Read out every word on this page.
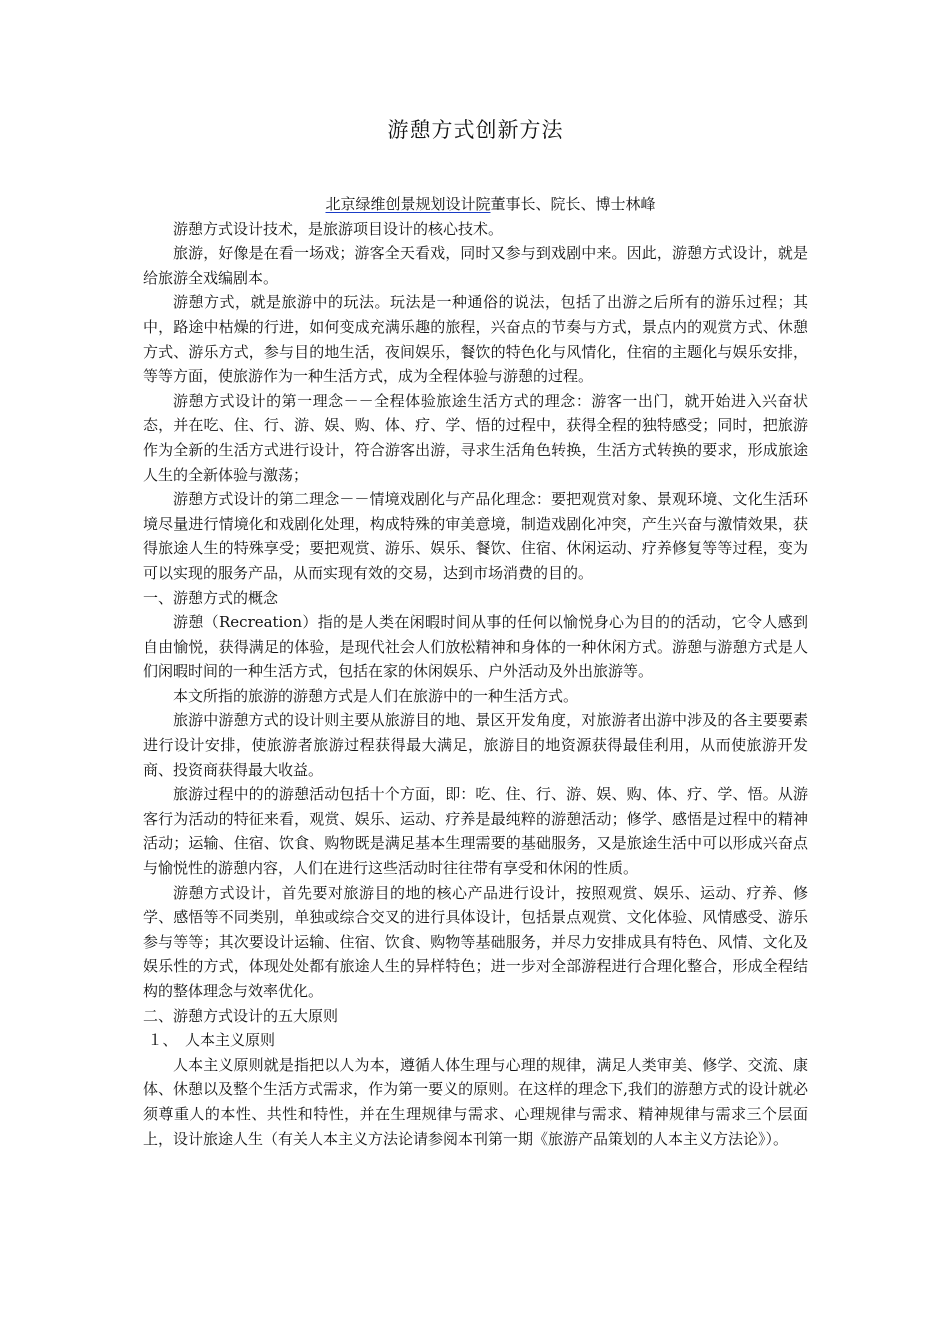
游憩方式创新方法
北京绿维创景规划设计院董事长、院长、博士林峰

游憩方式设计技术，是旅游项目设计的核心技术。

旅游，好像是在看一场戏；游客全天看戏，同时又参与到戏剧中来。因此，游憩方式设计，就是给旅游全戏编剧本。

游憩方式，就是旅游中的玩法。玩法是一种通俗的说法，包括了出游之后所有的游乐过程；其中，路途中枯燥的行进，如何变成充满乐趣的旅程，兴奋点的节奏与方式，景点内的观赏方式、休憩方式、游乐方式，参与目的地生活，夜间娱乐，餐饮的特色化与风情化，住宿的主题化与娱乐安排，等等方面，使旅游作为一种生活方式，成为全程体验与游憩的过程。

游憩方式设计的第一理念－－全程体验旅途生活方式的理念：游客一出门，就开始进入兴奋状态，并在吃、住、行、游、娱、购、体、疗、学、悟的过程中，获得全程的独特感受；同时，把旅游作为全新的生活方式进行设计，符合游客出游，寻求生活角色转换，生活方式转换的要求，形成旅途人生的全新体验与激荡；

游憩方式设计的第二理念－－情境戏剧化与产品化理念：要把观赏对象、景观环境、文化生活环境尽量进行情境化和戏剧化处理，构成特殊的审美意境，制造戏剧化冲突，产生兴奋与激情效果，获得旅途人生的特殊享受；要把观赏、游乐、娱乐、餐饮、住宿、休闲运动、疗养修复等等过程，变为可以实现的服务产品，从而实现有效的交易，达到市场消费的目的。

一、游憩方式的概念

游憩（Recreation）指的是人类在闲暇时间从事的任何以愉悦身心为目的的活动，它令人感到自由愉悦，获得满足的体验，是现代社会人们放松精神和身体的一种休闲方式。游憩与游憩方式是人们闲暇时间的一种生活方式，包括在家的休闲娱乐、户外活动及外出旅游等。

本文所指的旅游的游憩方式是人们在旅游中的一种生活方式。

旅游中游憩方式的设计则主要从旅游目的地、景区开发角度，对旅游者出游中涉及的各主要要素进行设计安排，使旅游者旅游过程获得最大满足，旅游目的地资源获得最佳利用，从而使旅游开发商、投资商获得最大收益。

旅游过程中的的游憩活动包括十个方面，即：吃、住、行、游、娱、购、体、疗、学、悟。从游客行为活动的特征来看，观赏、娱乐、运动、疗养是最纯粹的游憩活动；修学、感悟是过程中的精神活动；运输、住宿、饮食、购物既是满足基本生理需要的基础服务，又是旅途生活中可以形成兴奋点与愉悦性的游憩内容，人们在进行这些活动时往往带有享受和休闲的性质。

游憩方式设计，首先要对旅游目的地的核心产品进行设计，按照观赏、娱乐、运动、疗养、修学、感悟等不同类别，单独或综合交叉的进行具体设计，包括景点观赏、文化体验、风情感受、游乐参与等等；其次要设计运输、住宿、饮食、购物等基础服务，并尽力安排成具有特色、风情、文化及娱乐性的方式，体现处处都有旅途人生的异样特色；进一步对全部游程进行合理化整合，形成全程结构的整体理念与效率优化。

二、游憩方式设计的五大原则

１、　人本主义原则

人本主义原则就是指把以人为本，遵循人体生理与心理的规律，满足人类审美、修学、交流、康体、休憩以及整个生活方式需求，作为第一要义的原则。在这样的理念下,我们的游憩方式的设计就必须尊重人的本性、共性和特性，并在生理规律与需求、心理规律与需求、精神规律与需求三个层面上，设计旅途人生（有关人本主义方法论请参阅本刊第一期《旅游产品策划的人本主义方法论》）。
